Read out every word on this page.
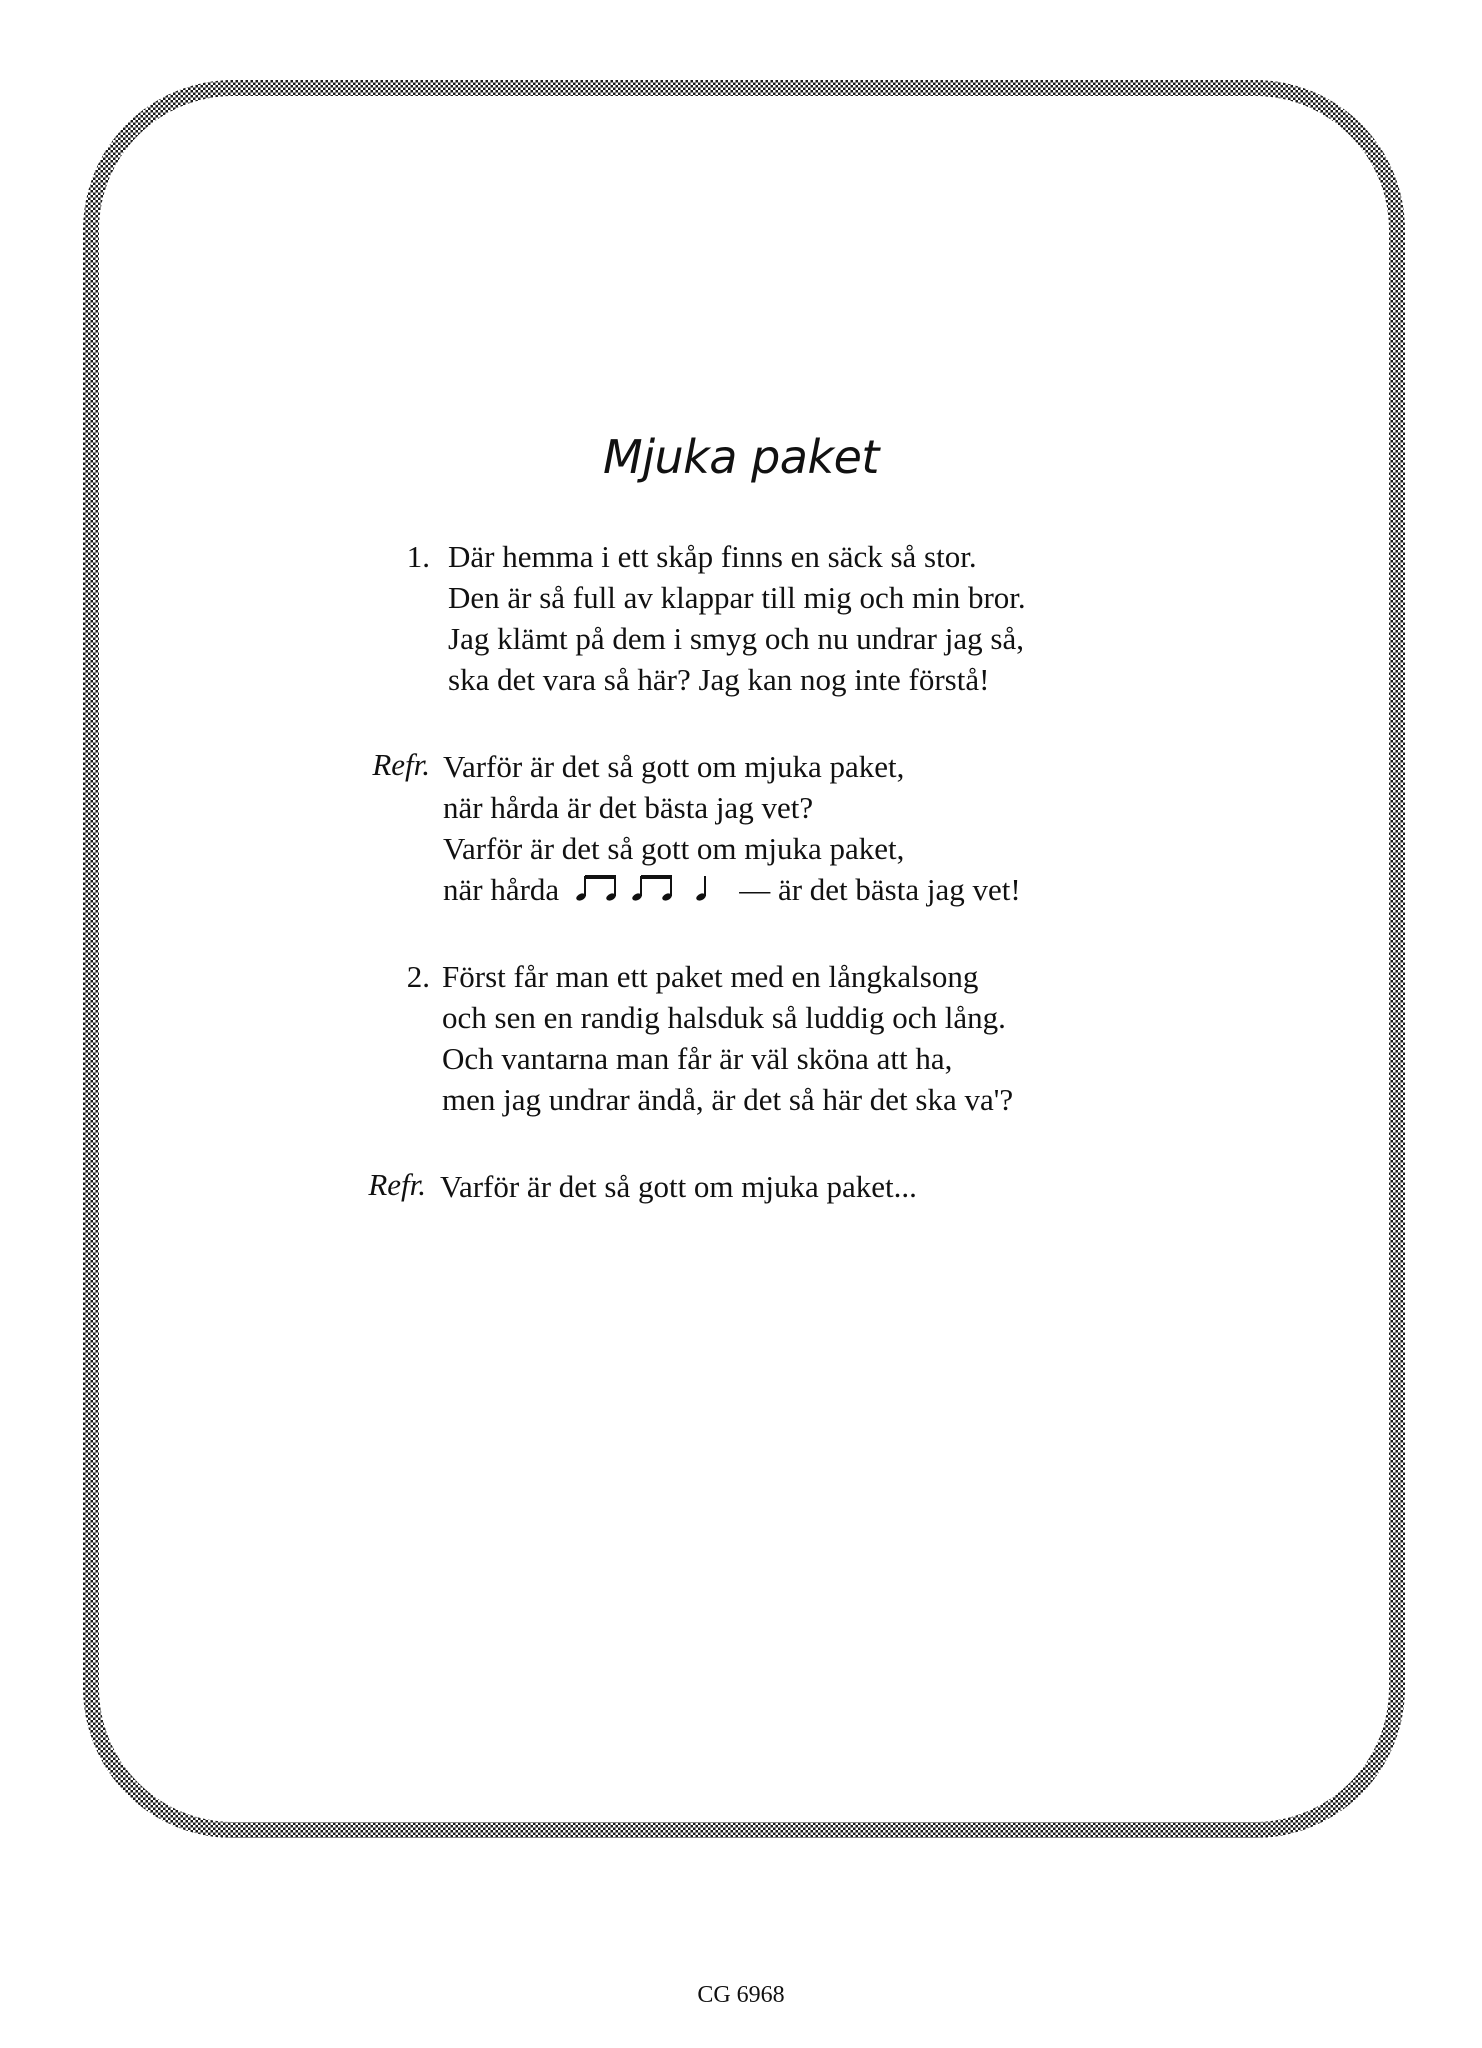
Mjuka paket
1. Där hemma i ett skåp finns en säck så stor.
Den är så full av klappar till mig och min bror.
Jag klämt på dem i smyg och nu undrar jag så,
ska det vara så här? Jag kan nog inte förstå!
Refr. Varför är det så gott om mjuka paket,
när hårda är det bästa jag vet?
Varför är det så gott om mjuka paket,
när hårda	— är det bästa jag vet!
2. Först får man ett paket med en långkalsong
och sen en randig halsduk så luddig och lång.
Och vantarna man får är väl sköna att ha,
men jag undrar ändå, är det så här det ska va'?
Refr. Varför är det så gott om mjuka paket...
CG 6968
